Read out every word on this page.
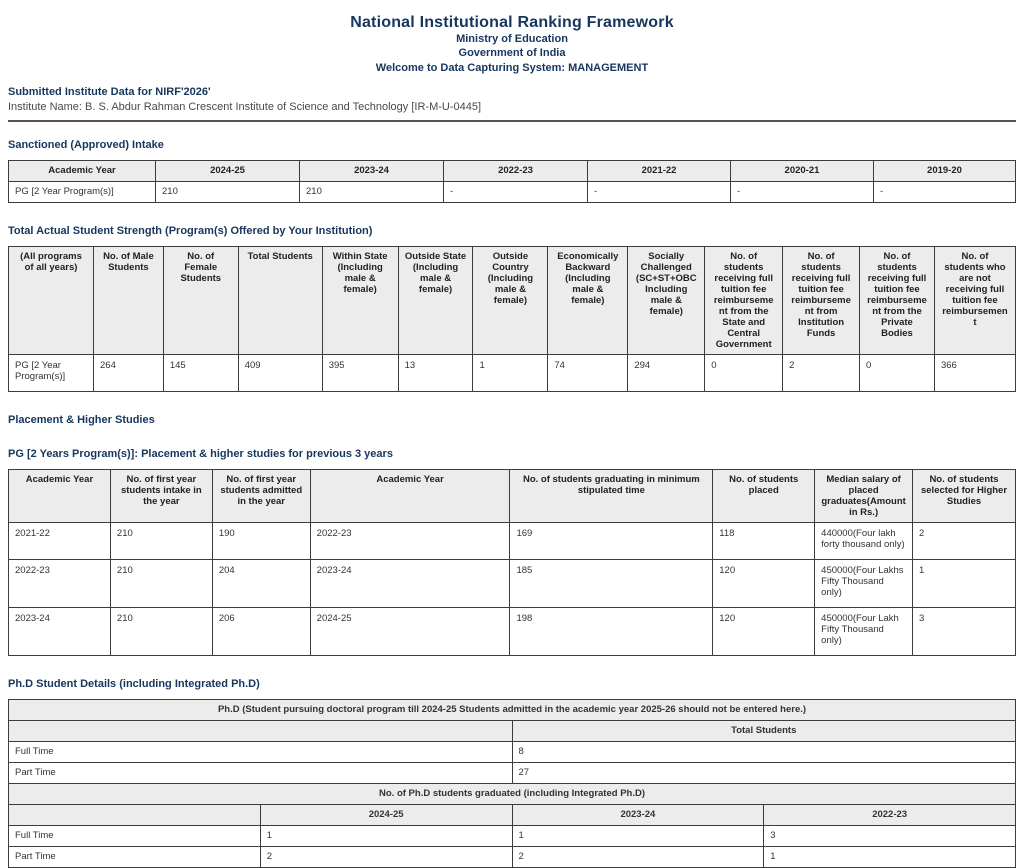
National Institutional Ranking Framework
Ministry of Education
Government of India
Welcome to Data Capturing System: MANAGEMENT
Submitted Institute Data for NIRF'2026'
Institute Name: B. S. Abdur Rahman Crescent Institute of Science and Technology [IR-M-U-0445]
Sanctioned (Approved) Intake
Academic Year	2024-25	2023-24	2022-23	2021-22	2020-21	2019-20
PG [2 Year Program(s)]	210	210	-	-	-	-
Total Actual Student Strength (Program(s) Offered by Your Institution)
(All programs of all years)	No. of Male Students	No. of Female Students	Total Students	Within State (Including male & female)	Outside State (Including male & female)	Outside Country (Including male & female)	Economically Backward (Including male & female)	Socially Challenged (SC+ST+OBC Including male & female)	No. of students receiving full tuition fee reimbursement from the State and Central Government	No. of students receiving full tuition fee reimbursement from Institution Funds	No. of students receiving full tuition fee reimbursement from the Private Bodies	No. of students who are not receiving full tuition fee reimbursement
PG [2 Year Program(s)]	264	145	409	395	13	1	74	294	0	2	0	366
Placement & Higher Studies
PG [2 Years Program(s)]: Placement & higher studies for previous 3 years
Academic Year	No. of first year students intake in the year	No. of first year students admitted in the year	Academic Year	No. of students graduating in minimum stipulated time	No. of students placed	Median salary of placed graduates(Amount in Rs.)	No. of students selected for Higher Studies
2021-22	210	190	2022-23	169	118	440000(Four lakh forty thousand only)	2
2022-23	210	204	2023-24	185	120	450000(Four Lakhs Fifty Thousand only)	1
2023-24	210	206	2024-25	198	120	450000(Four Lakh Fifty Thousand only)	3
Ph.D Student Details (including Integrated Ph.D)
Ph.D (Student pursuing doctoral program till 2024-25 Students admitted in the academic year 2025-26 should not be entered here.)			
		Total Students	
Full Time		8	
Part Time		27	
No. of Ph.D students graduated (including Integrated Ph.D)			
	2024-25	2023-24	2022-23
Full Time	1	1	3
Part Time	2	2	1
